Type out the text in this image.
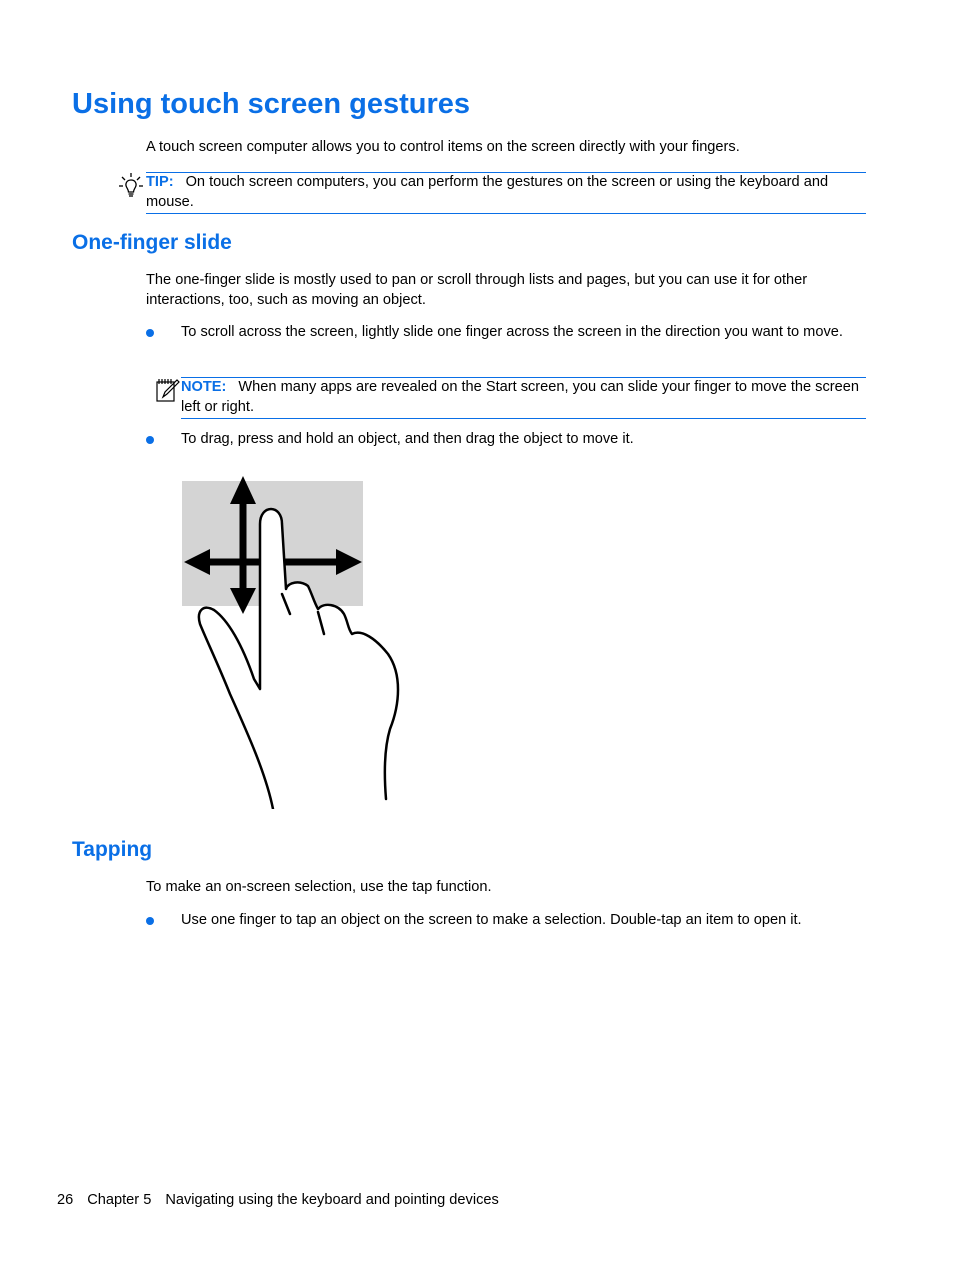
Using touch screen gestures

A touch screen computer allows you to control items on the screen directly with your fingers.

TIP: On touch screen computers, you can perform the gestures on the screen or using the keyboard and mouse.

One-finger slide

The one-finger slide is mostly used to pan or scroll through lists and pages, but you can use it for other interactions, too, such as moving an object.

To scroll across the screen, lightly slide one finger across the screen in the direction you want to move.

NOTE: When many apps are revealed on the Start screen, you can slide your finger to move the screen left or right.

To drag, press and hold an object, and then drag the object to move it.

Tapping

To make an on-screen selection, use the tap function.

Use one finger to tap an object on the screen to make a selection. Double-tap an item to open it.

26 Chapter 5 Navigating using the keyboard and pointing devices
